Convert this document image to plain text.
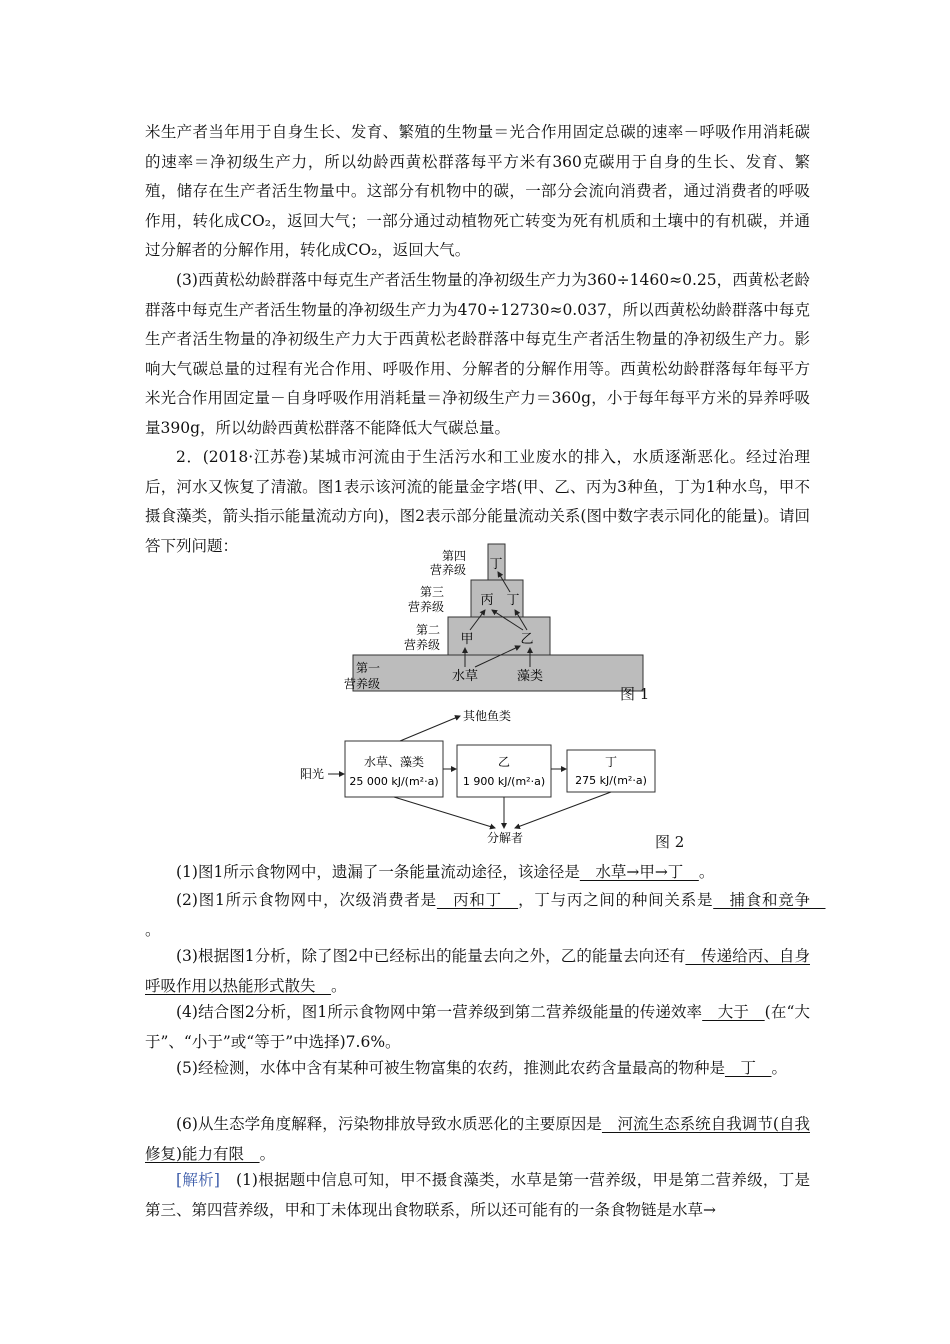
米生产者当年用于自身生长、发育、繁殖的生物量＝光合作用固定总碳的速率－呼吸作用消耗碳的速率＝净初级生产力，所以幼龄西黄松群落每平方米有360克碳用于自身的生长、发育、繁殖，储存在生产者活生物量中。这部分有机物中的碳，一部分会流向消费者，通过消费者的呼吸作用，转化成CO₂，返回大气；一部分通过动植物死亡转变为死有机质和土壤中的有机碳，并通过分解者的分解作用，转化成CO₂，返回大气。

(3)西黄松幼龄群落中每克生产者活生物量的净初级生产力为360÷1460≈0.25，西黄松老龄群落中每克生产者活生物量的净初级生产力为470÷12730≈0.037，所以西黄松幼龄群落中每克生产者活生物量的净初级生产力大于西黄松老龄群落中每克生产者活生物量的净初级生产力。影响大气碳总量的过程有光合作用、呼吸作用、分解者的分解作用等。西黄松幼龄群落每年每平方米光合作用固定量－自身呼吸作用消耗量＝净初级生产力＝360g，小于每年每平方米的异养呼吸量390g，所以幼龄西黄松群落不能降低大气碳总量。

2．(2018·江苏卷)某城市河流由于生活污水和工业废水的排入，水质逐渐恶化。经过治理后，河水又恢复了清澈。图1表示该河流的能量金字塔(甲、乙、丙为3种鱼，丁为1种水鸟，甲不摄食藻类，箭头指示能量流动方向)，图2表示部分能量流动关系(图中数字表示同化的能量)。请回答下列问题：

第四
营养级
第三
营养级
第二
营养级
第一
营养级
丁
丙 丁
甲	乙
水草	藻类
图 1
阳光
水草、藻类
25 000 kJ/(m²·a)
乙
1 900 kJ/(m²·a)
丁
275 kJ/(m²·a)
其他鱼类
分解者	图 2

(1)图1所示食物网中，遗漏了一条能量流动途径，该途径是　水草→甲→丁　。

(2)图1所示食物网中，次级消费者是　丙和丁　，丁与丙之间的种间关系是　捕食和竞争　。

(3)根据图1分析，除了图2中已经标出的能量去向之外，乙的能量去向还有　传递给丙、自身呼吸作用以热能形式散失　。

(4)结合图2分析，图1所示食物网中第一营养级到第二营养级能量的传递效率　大于　(在“大于”、“小于”或“等于”中选择)7.6%。

(5)经检测，水体中含有某种可被生物富集的农药，推测此农药含量最高的物种是　丁　。

(6)从生态学角度解释，污染物排放导致水质恶化的主要原因是　河流生态系统自我调节(自我修复)能力有限　。

[解析]　(1)根据题中信息可知，甲不摄食藻类，水草是第一营养级，甲是第二营养级，丁是第三、第四营养级，甲和丁未体现出食物联系，所以还可能有的一条食物链是水草→
